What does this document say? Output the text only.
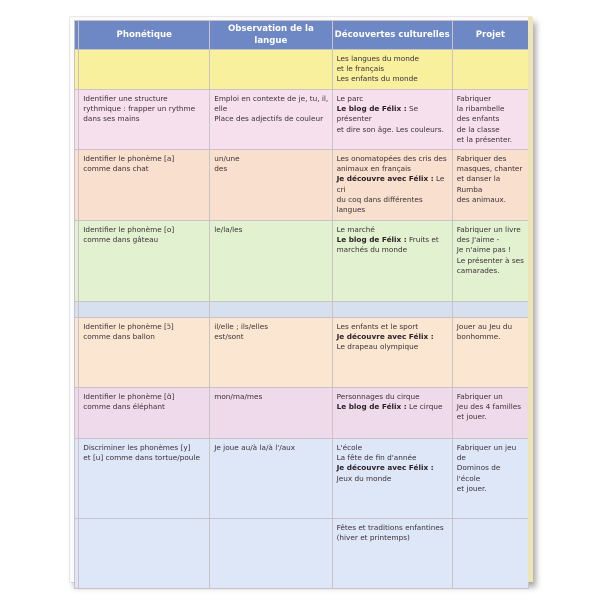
	Phonétique	Observation de la langue	Découvertes culturelles	Projet

			Les langues du monde
et le français
Les enfants du monde	

	Identifier une structure
rythmique : frapper un rythme
dans ses mains	Emploi en contexte de je, tu, il,
elle
Place des adjectifs de couleur	Le parc
Le blog de Félix : Se présenter
et dire son âge. Les couleurs.	Fabriquer
la ribambelle
des enfants
de la classe
et la présenter.

	Identifier le phonème [a]
comme dans chat	un/une
des	Les onomatopées des cris des
animaux en français
Je découvre avec Félix : Le cri
du coq dans différentes langues	Fabriquer des
masques, chanter
et danser la Rumba
des animaux.

	Identifier le phonème [o]
comme dans gâteau	le/la/les	Le marché
Le blog de Félix : Fruits et
marchés du monde	Fabriquer un livre
des J'aime -
Je n'aime pas !
Le présenter à ses
camarades.

	Identifier le phonème [ɔ̃]
comme dans ballon	il/elle ; ils/elles
est/sont	Les enfants et le sport
Je découvre avec Félix :
Le drapeau olympique	Jouer au Jeu du
bonhomme.

	Identifier le phonème [ɑ̃]
comme dans éléphant	mon/ma/mes	Personnages du cirque
Le blog de Félix : Le cirque	Fabriquer un
Jeu des 4 familles
et jouer.

	Discriminer les phonèmes [y]
et [u] comme dans tortue/poule	Je joue au/à la/à l'/aux	L'école
La fête de fin d'année
Je découvre avec Félix :
Jeux du monde	Fabriquer un jeu de
Dominos de l'école
et jouer.

			Fêtes et traditions enfantines
(hiver et printemps)	
